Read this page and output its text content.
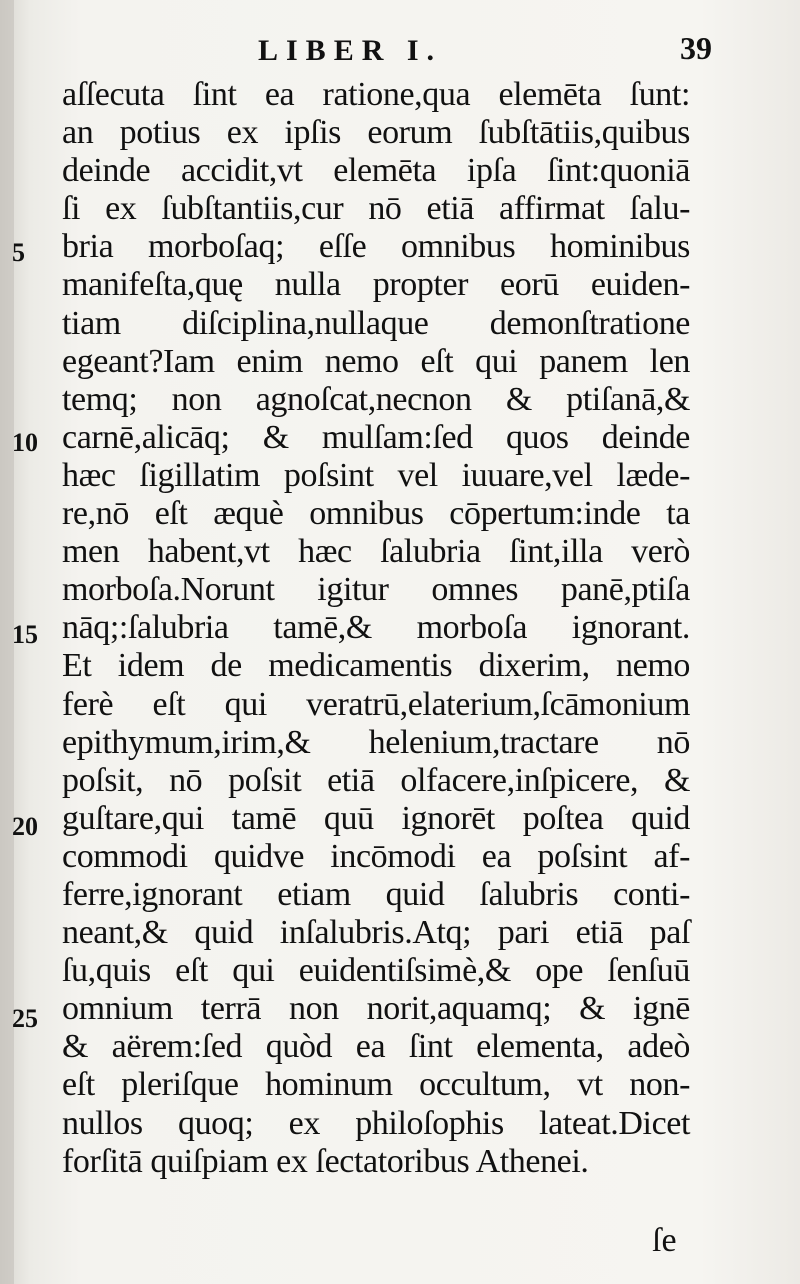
LIBER I.	39
5
10
15
20
25
aſſecuta ſint ea ratione,qua elemēta ſunt:
an potius ex ipſis eorum ſubſtātiis,quibus
deinde accidit,vt elemēta ipſa ſint:quoniā
ſi ex ſubſtantiis,cur nō etiā affirmat ſalu-
bria morboſaq; eſſe omnibus hominibus
manifeſta,quę nulla propter eorū euiden-
tiam diſciplina,nullaque demonſtratione
egeant?Iam enim nemo eſt qui panem len
temq; non agnoſcat,necnon & ptiſanā,&
carnē,alicāq; & mulſam:ſed quos deinde
hæc ſigillatim poſsint vel iuuare,vel læde-
re,nō eſt æquè omnibus cōpertum:inde ta
men habent,vt hæc ſalubria ſint,illa verò
morboſa.Norunt igitur omnes panē,ptiſa
nāq;:ſalubria tamē,& morboſa ignorant.
Et idem de medicamentis dixerim, nemo
ferè eſt qui veratrū,elaterium,ſcāmonium
epithymum,irim,& helenium,tractare nō
poſsit, nō poſsit etiā olfacere,inſpicere, &
guſtare,qui tamē quū ignorēt poſtea quid
commodi quidve incōmodi ea poſsint af-
ferre,ignorant etiam quid ſalubris conti-
neant,& quid inſalubris.Atq; pari etiā paſ
ſu,quis eſt qui euidentiſsimè,& ope ſenſuū
omnium terrā non norit,aquamq; & ignē
& aërem:ſed quòd ea ſint elementa, adeò
eſt pleriſque hominum occultum, vt non-
nullos quoq; ex philoſophis lateat.Dicet
forſitā quiſpiam ex ſectatoribus Athenei.
ſe
